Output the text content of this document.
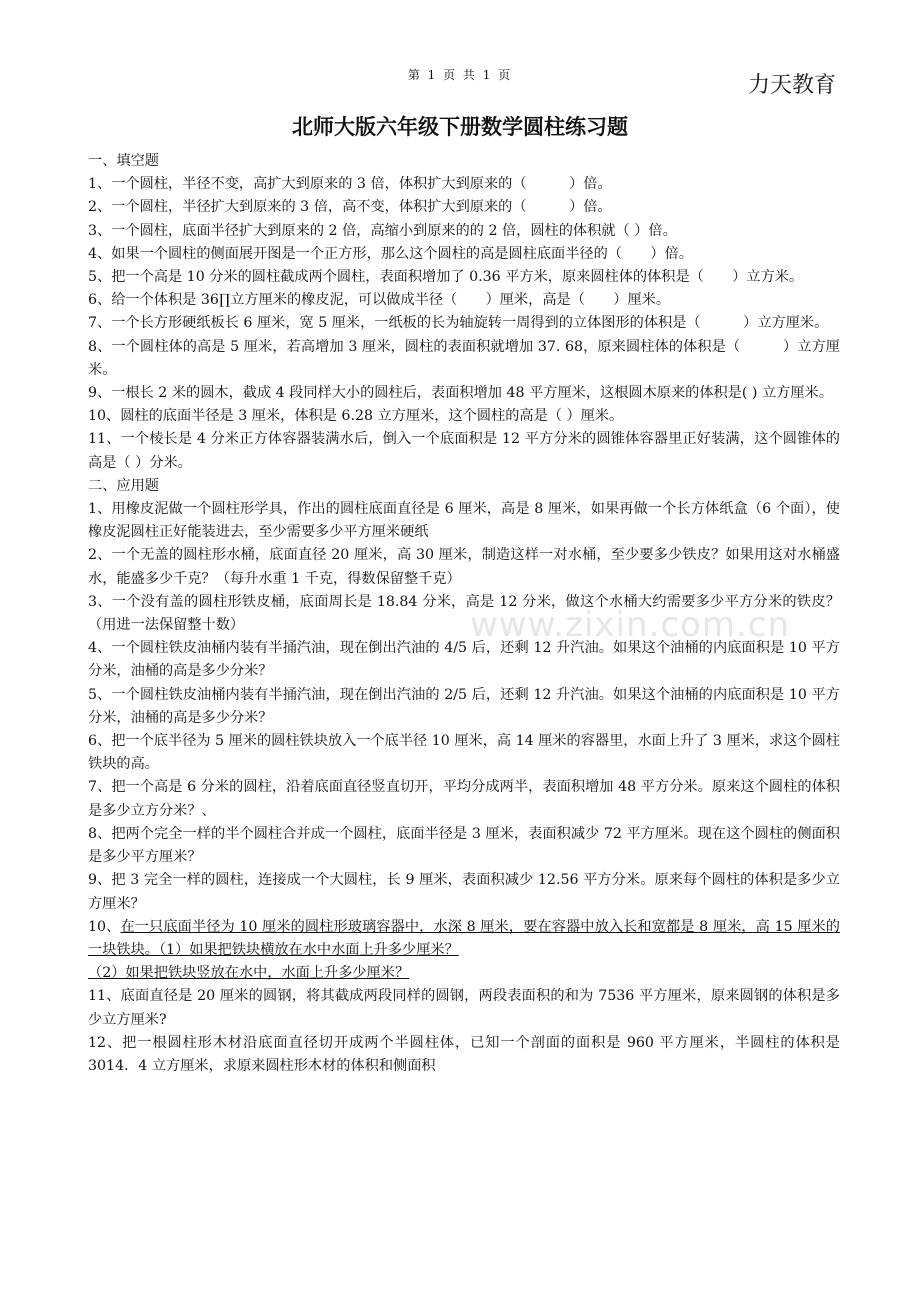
第 1 页 共 1 页	力天教育
www.zixin.com.cn
北师大版六年级下册数学圆柱练习题

一、填空题

1、一个圆柱，半径不变，高扩大到原来的 3 倍，体积扩大到原来的（　　　）倍。

2、一个圆柱，半径扩大到原来的 3 倍，高不变，体积扩大到原来的（　　　）倍。

3、一个圆柱，底面半径扩大到原来的 2 倍，高缩小到原来的的 2 倍，圆柱的体积就（ ）倍。

4、如果一个圆柱的侧面展开图是一个正方形，那么这个圆柱的高是圆柱底面半径的（　　）倍。

5、把一个高是 10 分米的圆柱截成两个圆柱，表面积增加了 0.36 平方米，原来圆柱体的体积是（　　）立方米。

6、给一个体积是 36∏立方厘米的橡皮泥，可以做成半径（　　）厘米，高是（　　）厘米。

7、一个长方形硬纸板长 6 厘米，宽 5 厘米，一纸板的长为轴旋转一周得到的立体图形的体积是（　　　）立方厘米。

8、一个圆柱体的高是 5 厘米，若高增加 3 厘米，圆柱的表面积就增加 37. 68，原来圆柱体的体积是（　　　）立方厘米。

9、一根长 2 米的圆木，截成 4 段同样大小的圆柱后，表面积增加 48 平方厘米，这根圆木原来的体积是( ) 立方厘米。

10、圆柱的底面半径是 3 厘米，体积是 6.28 立方厘米，这个圆柱的高是（ ）厘米。

11、一个棱长是 4 分米正方体容器装满水后，倒入一个底面积是 12 平方分米的圆锥体容器里正好装满，这个圆锥体的高是（ ）分米。

二、应用题

1、用橡皮泥做一个圆柱形学具，作出的圆柱底面直径是 6 厘米，高是 8 厘米，如果再做一个长方体纸盒（6 个面），使橡皮泥圆柱正好能装进去，至少需要多少平方厘米硬纸

2、一个无盖的圆柱形水桶，底面直径 20 厘米，高 30 厘米，制造这样一对水桶，至少要多少铁皮？如果用这对水桶盛水，能盛多少千克？（每升水重 1 千克，得数保留整千克）

3、一个没有盖的圆柱形铁皮桶，底面周长是 18.84 分米，高是 12 分米，做这个水桶大约需要多少平方分米的铁皮？（用进一法保留整十数）

4、一个圆柱铁皮油桶内装有半捅汽油，现在倒出汽油的 4/5 后，还剩 12 升汽油。如果这个油桶的内底面积是 10 平方分米，油桶的高是多少分米？

5、一个圆柱铁皮油桶内装有半捅汽油，现在倒出汽油的 2/5 后，还剩 12 升汽油。如果这个油桶的内底面积是 10 平方分米，油桶的高是多少分米？

6、把一个底半径为 5 厘米的圆柱铁块放入一个底半径 10 厘米，高 14 厘米的容器里，水面上升了 3 厘米，求这个圆柱铁块的高。

7、把一个高是 6 分米的圆柱，沿着底面直径竖直切开，平均分成两半，表面积增加 48 平方分米。原来这个圆柱的体积是多少立方分米？、

8、把两个完全一样的半个圆柱合并成一个圆柱，底面半径是 3 厘米，表面积减少 72 平方厘米。现在这个圆柱的侧面积是多少平方厘米？

9、把 3 完全一样的圆柱，连接成一个大圆柱，长 9 厘米，表面积减少 12.56 平方分米。原来每个圆柱的体积是多少立方厘米？

10、在一只底面半径为 10 厘米的圆柱形玻璃容器中，水深 8 厘米，要在容器中放入长和宽都是 8 厘米，高 15 厘米的一块铁块。（1）如果把铁块横放在水中水面上升多少厘米？

（2）如果把铁块竖放在水中，水面上升多少厘米？

11、底面直径是 20 厘米的圆钢，将其截成两段同样的圆钢，两段表面积的和为 7536 平方厘米，原来圆钢的体积是多少立方厘米?

12、把一根圆柱形木材沿底面直径切开成两个半圆柱体，已知一个剖面的面积是 960 平方厘米，半圆柱的体积是 3014．4 立方厘米，求原来圆柱形木材的体积和侧面积
